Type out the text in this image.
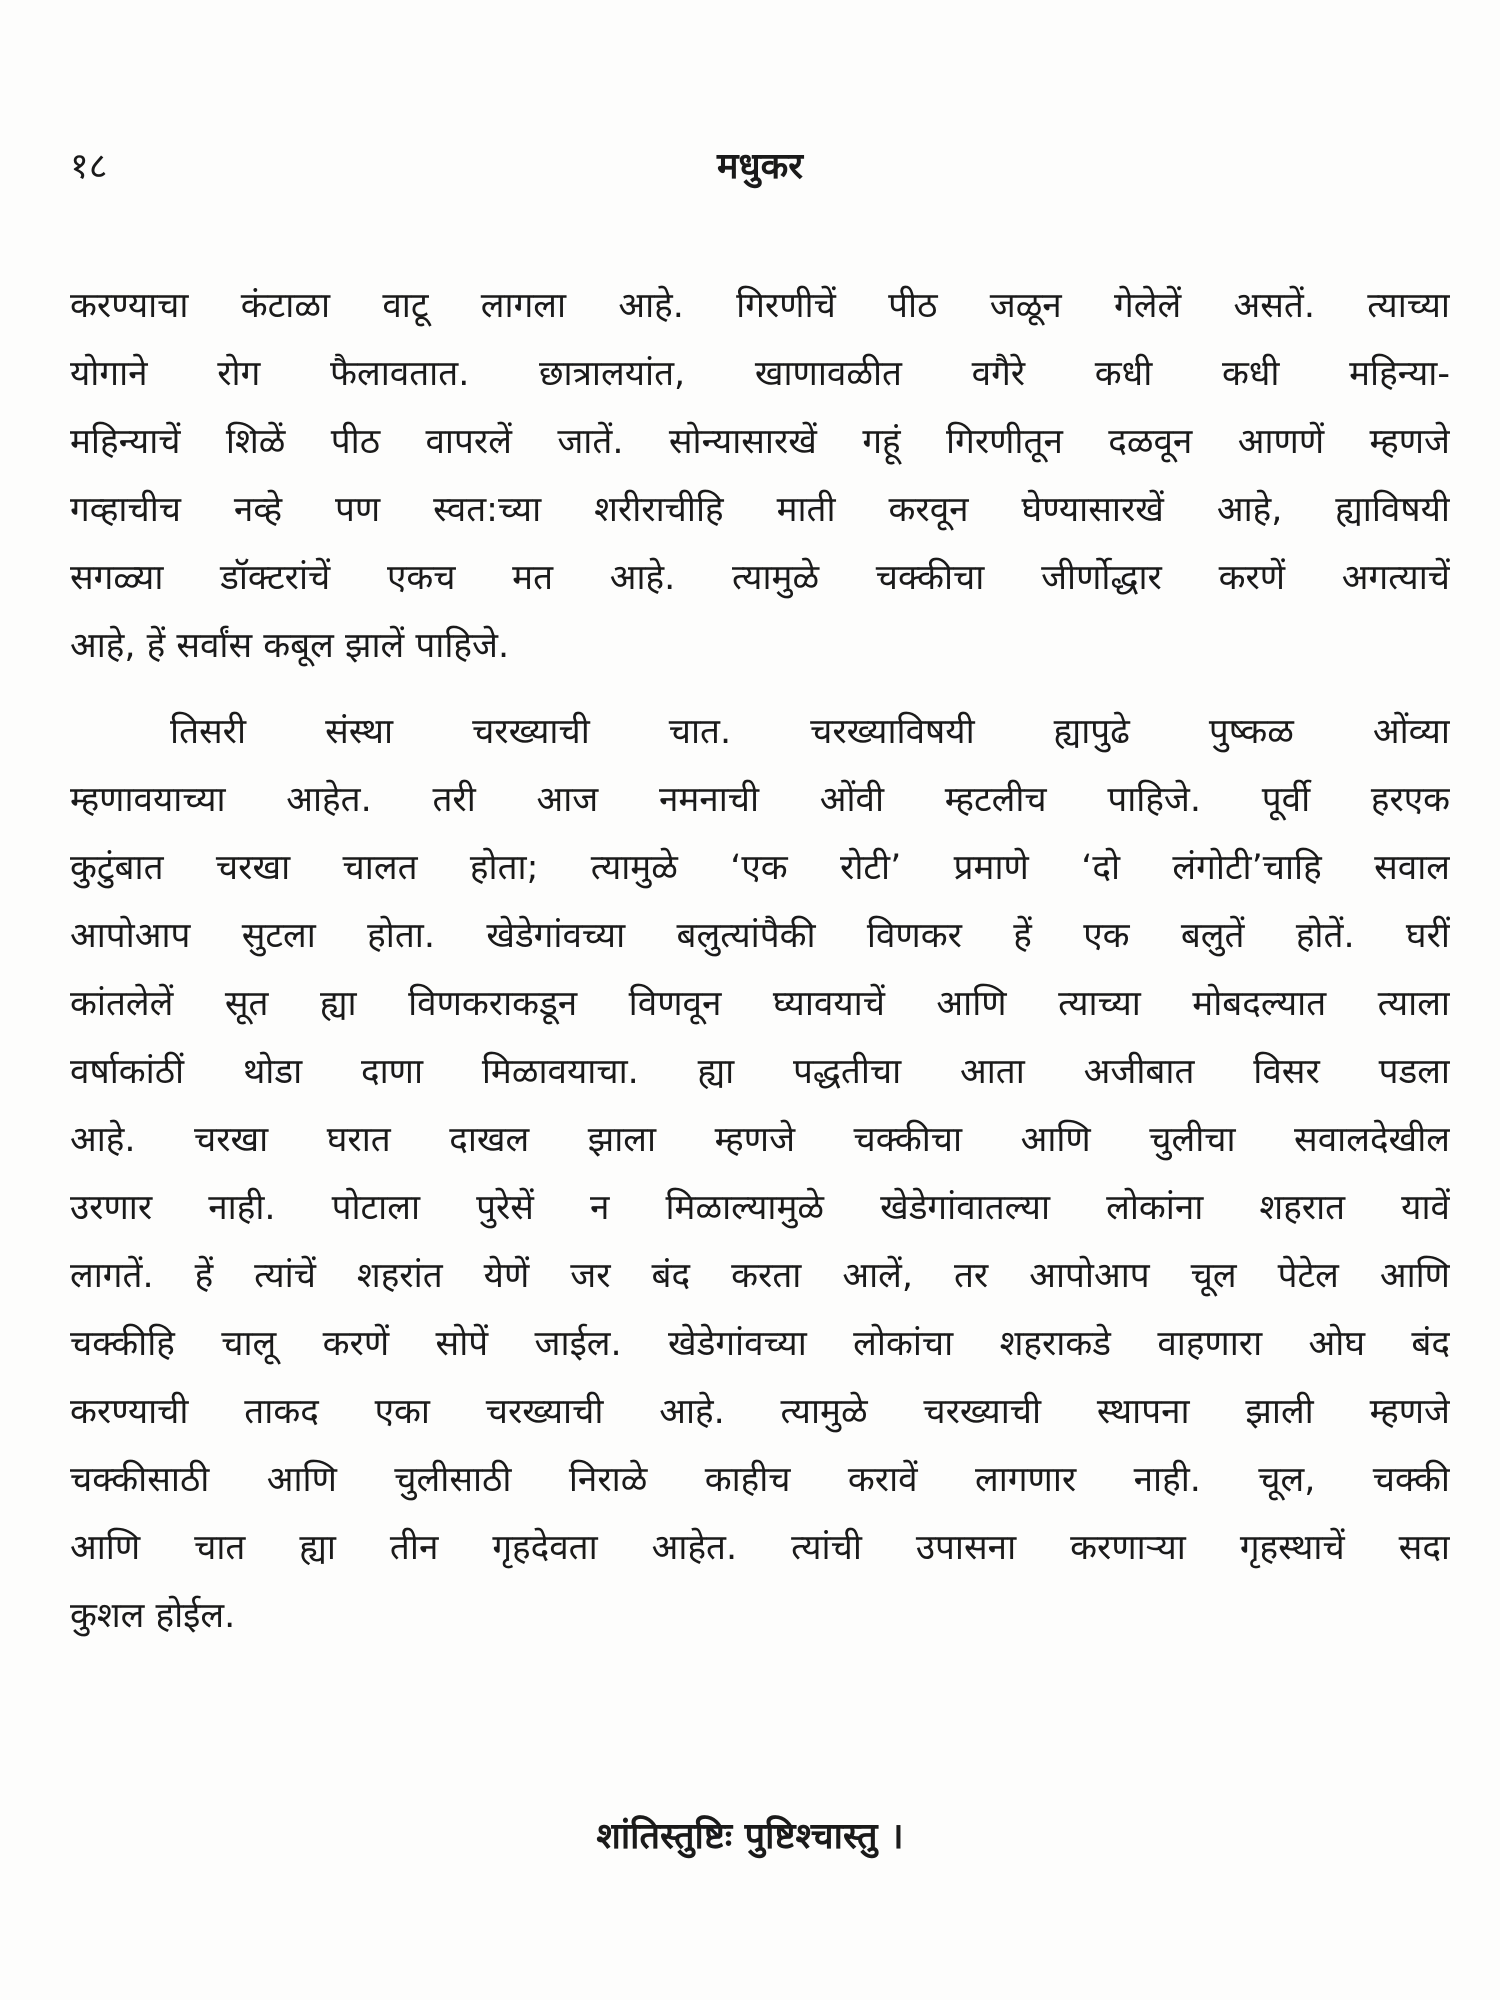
१८	मधुकर
करण्याचा कंटाळा वाटू लागला आहे. गिरणीचें पीठ जळून गेलेलें असतें. त्याच्या
योगाने रोग फैलावतात. छात्रालयांत, खाणावळीत वगैरे कधी कधी महिन्या-
महिन्याचें शिळें पीठ वापरलें जातें. सोन्यासारखें गहूं गिरणीतून दळवून आणणें म्हणजे
गव्हाचीच नव्हे पण स्वत:च्या शरीराचीहि माती करवून घेण्यासारखें आहे, ह्याविषयी
सगळ्या डॉक्टरांचें एकच मत आहे. त्यामुळे चक्कीचा जीर्णोद्धार करणें अगत्याचें
आहे, हें सर्वांस कबूल झालें पाहिजे.
तिसरी संस्था चरख्याची चात. चरख्याविषयी ह्यापुढे पुष्कळ ओंव्या
म्हणावयाच्या आहेत. तरी आज नमनाची ओंवी म्हटलीच पाहिजे. पूर्वी हरएक
कुटुंबात चरखा चालत होता; त्यामुळे ‘एक रोटी’ प्रमाणे ‘दो लंगोटी’चाहि सवाल
आपोआप सुटला होता. खेडेगांवच्या बलुत्यांपैकी विणकर हें एक बलुतें होतें. घरीं
कांतलेलें सूत ह्या विणकराकडून विणवून घ्यावयाचें आणि त्याच्या मोबदल्यात त्याला
वर्षाकांठीं थोडा दाणा मिळावयाचा. ह्या पद्धतीचा आता अजीबात विसर पडला
आहे. चरखा घरात दाखल झाला म्हणजे चक्कीचा आणि चुलीचा सवालदेखील
उरणार नाही. पोटाला पुरेसें न मिळाल्यामुळे खेडेगांवातल्या लोकांना शहरात यावें
लागतें. हें त्यांचें शहरांत येणें जर बंद करता आलें, तर आपोआप चूल पेटेल आणि
चक्कीहि चालू करणें सोपें जाईल. खेडेगांवच्या लोकांचा शहराकडे वाहणारा ओघ बंद
करण्याची ताकद एका चरख्याची आहे. त्यामुळे चरख्याची स्थापना झाली म्हणजे
चक्कीसाठी आणि चुलीसाठी निराळे काहीच करावें लागणार नाही. चूल, चक्की
आणि चात ह्या तीन गृहदेवता आहेत. त्यांची उपासना करणाऱ्या गृहस्थाचें सदा
कुशल होईल.
शांतिस्तुष्टिः पुष्टिश्चास्तु ।
